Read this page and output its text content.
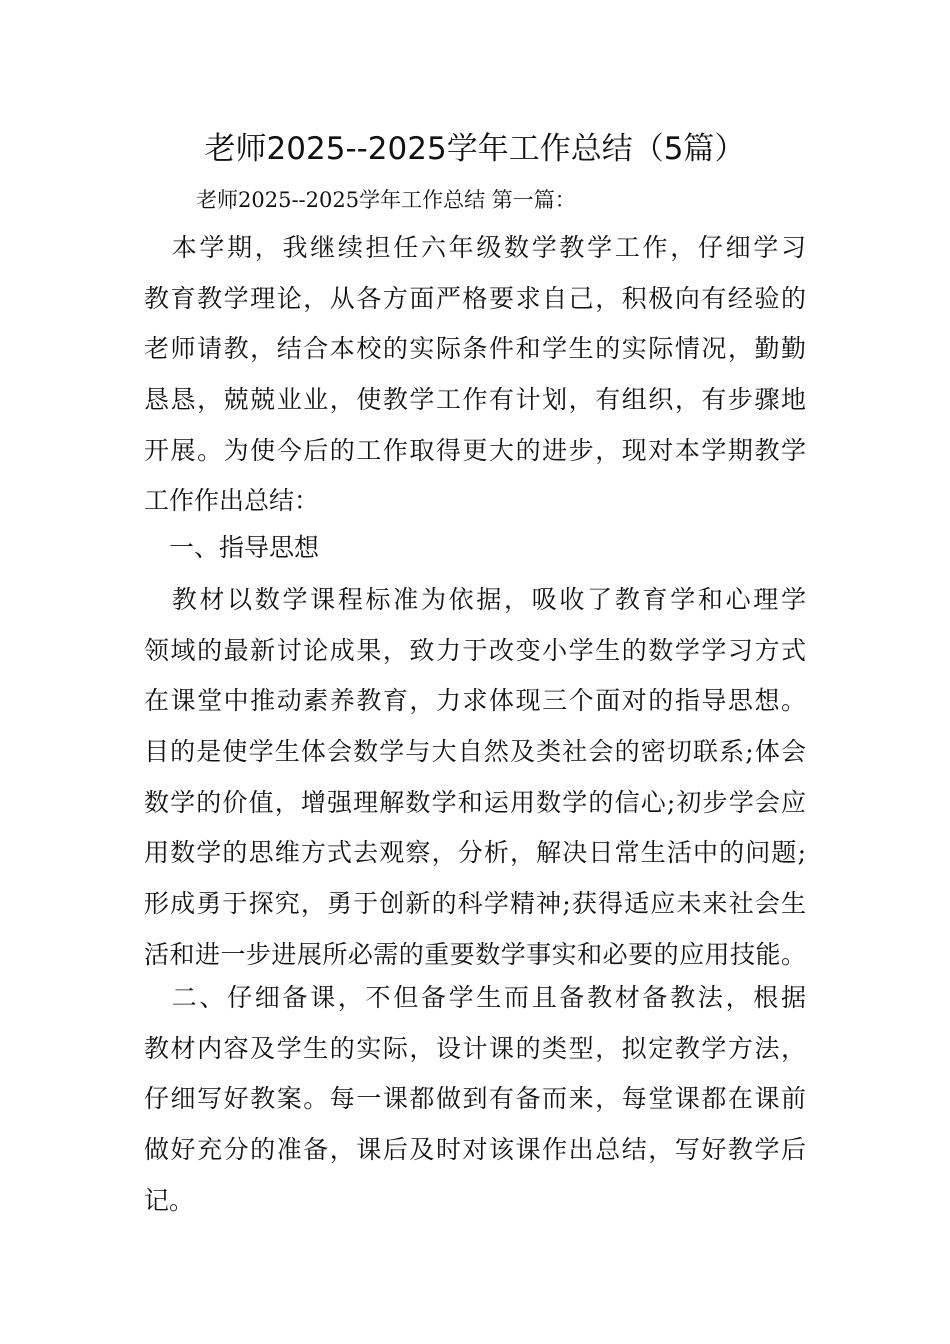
老师2025--2025学年工作总结（5篇）
老师2025--2025学年工作总结 第一篇：
　本学期，我继续担任六年级数学教学工作，仔细学习
教育教学理论，从各方面严格要求自己，积极向有经验的
老师请教，结合本校的实际条件和学生的实际情况，勤勤
恳恳，兢兢业业，使教学工作有计划，有组织，有步骤地
开展。为使今后的工作取得更大的进步，现对本学期教学
工作作出总结：
　一、指导思想
　教材以数学课程标准为依据，吸收了教育学和心理学
领域的最新讨论成果，致力于改变小学生的数学学习方式
在课堂中推动素养教育，力求体现三个面对的指导思想。
目的是使学生体会数学与大自然及类社会的密切联系;体会
数学的价值，增强理解数学和运用数学的信心;初步学会应
用数学的思维方式去观察，分析，解决日常生活中的问题;
形成勇于探究，勇于创新的科学精神;获得适应未来社会生
活和进一步进展所必需的重要数学事实和必要的应用技能。
　二、仔细备课，不但备学生而且备教材备教法，根据
教材内容及学生的实际，设计课的类型，拟定教学方法，
仔细写好教案。每一课都做到有备而来，每堂课都在课前
做好充分的准备，课后及时对该课作出总结，写好教学后
记。
